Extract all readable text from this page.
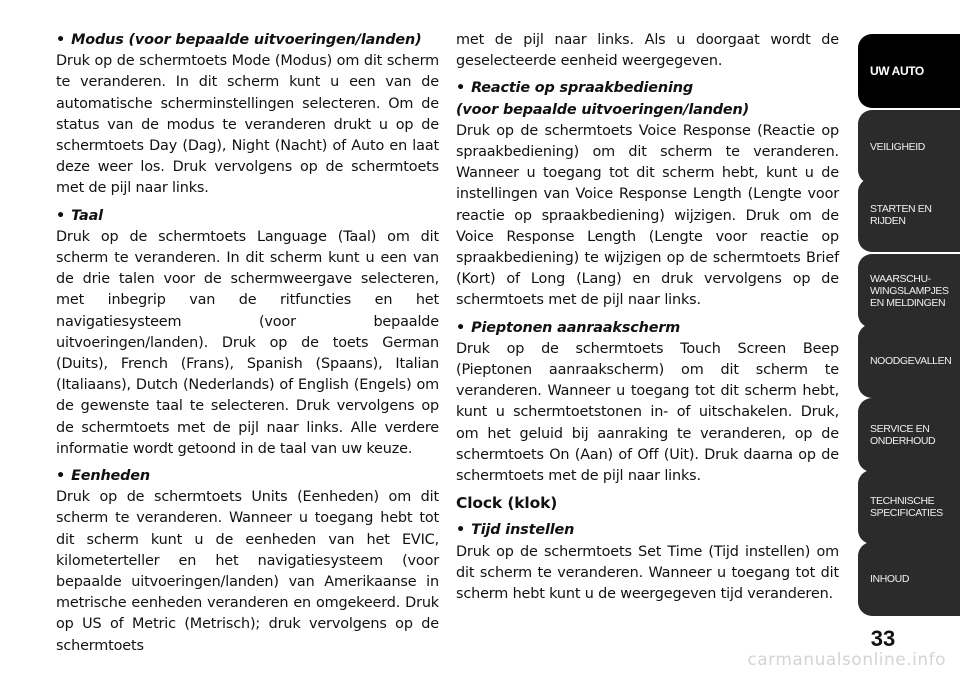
• Modus (voor bepaalde uitvoeringen/landen)

Druk op de schermtoets Mode (Modus) om dit scherm te veranderen. In dit scherm kunt u een van de automatische scherminstellingen selecteren. Om de status van de modus te veranderen drukt u op de schermtoets Day (Dag), Night (Nacht) of Auto en laat deze weer los. Druk vervolgens op de schermtoets met de pijl naar links.

• Taal

Druk op de schermtoets Language (Taal) om dit scherm te veranderen. In dit scherm kunt u een van de drie talen voor de schermweergave selecteren, met inbegrip van de ritfuncties en het navigatiesysteem (voor bepaalde uitvoeringen/landen). Druk op de toets German (Duits), French (Frans), Spanish (Spaans), Italian (Italiaans), Dutch (Nederlands) of English (Engels) om de gewenste taal te selecteren. Druk vervolgens op de schermtoets met de pijl naar links. Alle verdere informatie wordt getoond in de taal van uw keuze.

• Eenheden

Druk op de schermtoets Units (Eenheden) om dit scherm te veranderen. Wanneer u toegang hebt tot dit scherm kunt u de eenheden van het EVIC, kilometerteller en het navigatiesysteem (voor bepaalde uitvoeringen/landen) van Amerikaanse in metrische eenheden veranderen en omgekeerd. Druk op US of Metric (Metrisch); druk vervolgens op de schermtoets

met de pijl naar links. Als u doorgaat wordt de geselecteerde eenheid weergegeven.

• Reactie op spraakbediening

(voor bepaalde uitvoeringen/landen)

Druk op de schermtoets Voice Response (Reactie op spraakbediening) om dit scherm te veranderen. Wanneer u toegang tot dit scherm hebt, kunt u de instellingen van Voice Response Length (Lengte voor reactie op spraakbediening) wijzigen. Druk om de Voice Response Length (Lengte voor reactie op spraakbediening) te wijzigen op de schermtoets Brief (Kort) of Long (Lang) en druk vervolgens op de schermtoets met de pijl naar links.

• Pieptonen aanraakscherm

Druk op de schermtoets Touch Screen Beep (Pieptonen aanraakscherm) om dit scherm te veranderen. Wanneer u toegang tot dit scherm hebt, kunt u schermtoetstonen in- of uitschakelen. Druk, om het geluid bij aanraking te veranderen, op de schermtoets On (Aan) of Off (Uit). Druk daarna op de schermtoets met de pijl naar links.

Clock (klok)

• Tijd instellen

Druk op de schermtoets Set Time (Tijd instellen) om dit scherm te veranderen. Wanneer u toegang tot dit scherm hebt kunt u de weergegeven tijd veranderen.

UW AUTO
VEILIGHEID
STARTEN EN
RIJDEN
WAARSCHU-
WINGSLAMPJES
EN MELDINGEN
NOODGEVALLEN
SERVICE EN
ONDERHOUD
TECHNISCHE
SPECIFICATIES
INHOUD
33
carmanualsonline.info
